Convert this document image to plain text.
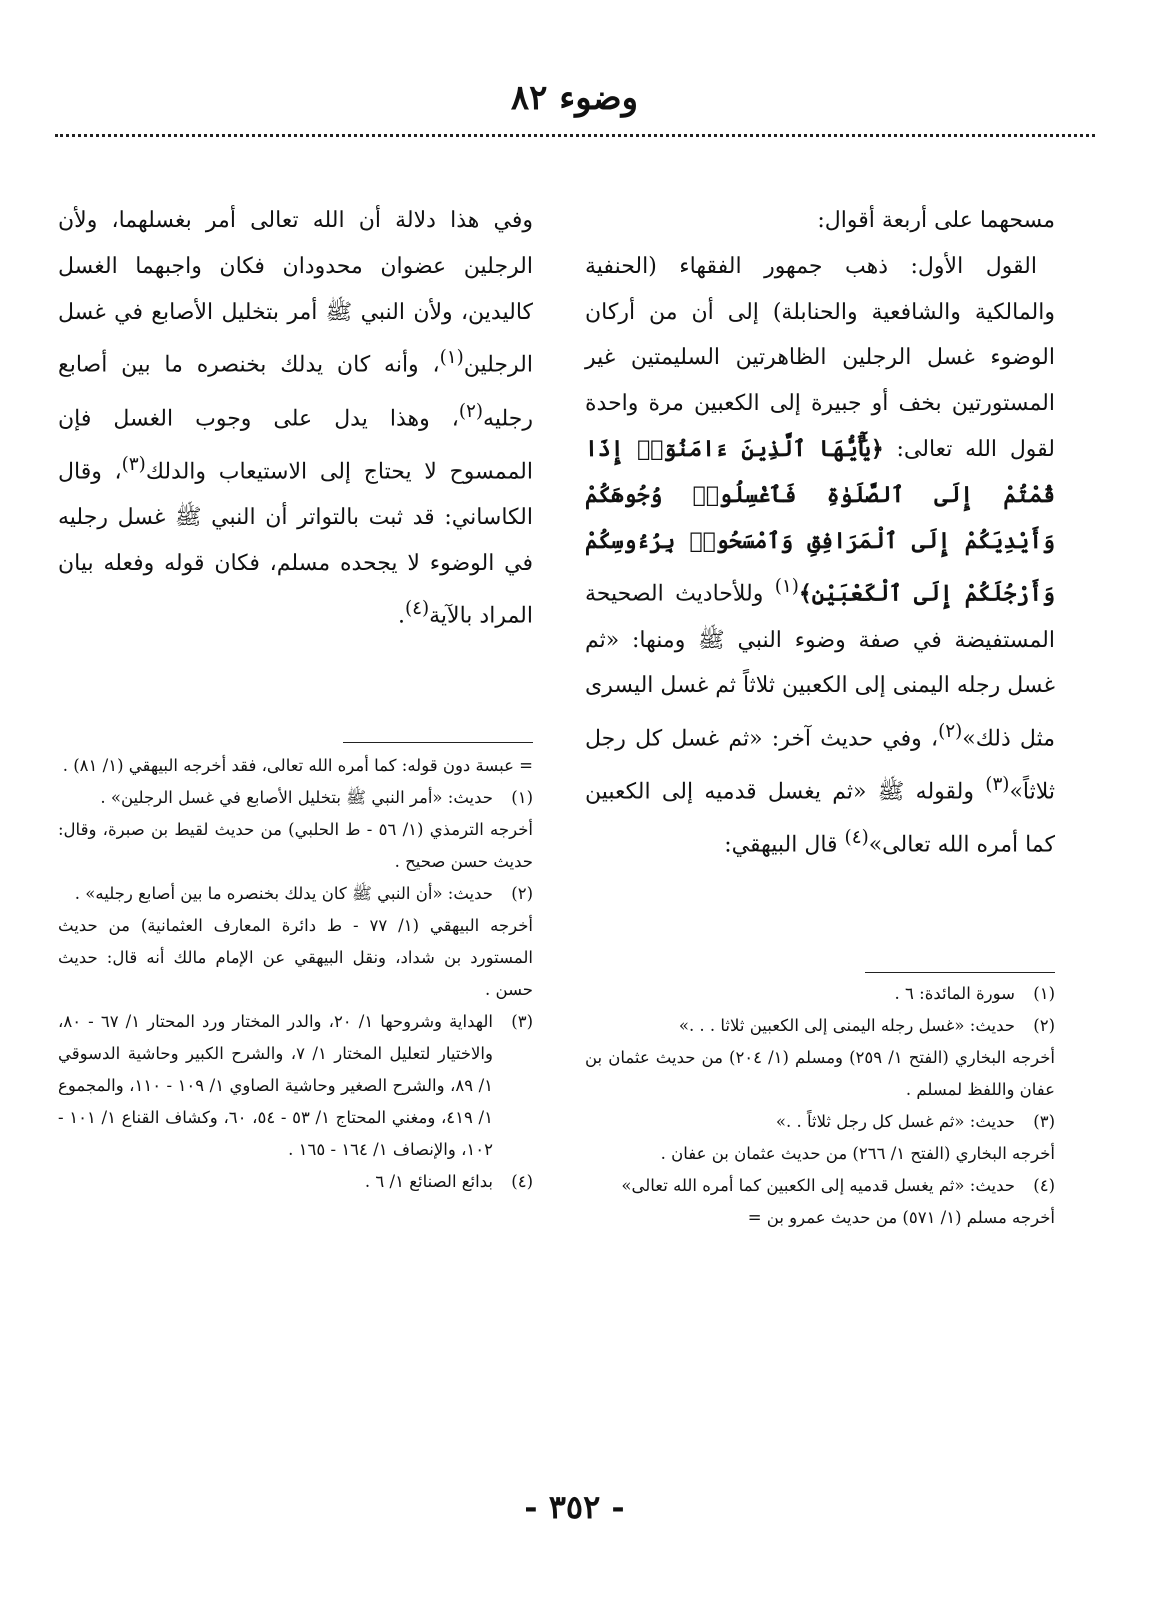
وضوء ٨٢

مسحهما على أربعة أقوال:

القول الأول: ذهب جمهور الفقهاء (الحنفية والمالكية والشافعية والحنابلة) إلى أن من أركان الوضوء غسل الرجلين الظاهرتين السليمتين غير المستورتين بخف أو جبيرة إلى الكعبين مرة واحدة لقول الله تعالى: ﴿يَٰٓأَيُّهَا ٱلَّذِينَ ءَامَنُوٓا۟ إِذَا قُمْتُمْ إِلَى ٱلصَّلَوٰةِ فَٱغْسِلُوا۟ وُجُوهَكُمْ وَأَيْدِيَكُمْ إِلَى ٱلْمَرَافِقِ وَٱمْسَحُوا۟ بِرُءُوسِكُمْ وَأَرْجُلَكُمْ إِلَى ٱلْكَعْبَيْنِ﴾$^{(١)}$ وللأحاديث الصحيحة المستفيضة في صفة وضوء النبي ﷺ ومنها: «ثم غسل رجله اليمنى إلى الكعبين ثلاثاً ثم غسل اليسرى مثل ذلك»$^{(٢)}$، وفي حديث آخر: «ثم غسل كل رجل ثلاثاً»$^{(٣)}$ ولقوله ﷺ «ثم يغسل قدميه إلى الكعبين كما أمره الله تعالى»$^{(٤)}$ قال البيهقي:

وفي هذا دلالة أن الله تعالى أمر بغسلهما، ولأن الرجلين عضوان محدودان فكان واجبهما الغسل كاليدين، ولأن النبي ﷺ أمر بتخليل الأصابع في غسل الرجلين$^{(١)}$، وأنه كان يدلك بخنصره ما بين أصابع رجليه$^{(٢)}$، وهذا يدل على وجوب الغسل فإن الممسوح لا يحتاج إلى الاستيعاب والدلك$^{(٣)}$، وقال الكاساني: قد ثبت بالتواتر أن النبي ﷺ غسل رجليه في الوضوء لا يجحده مسلم، فكان قوله وفعله بيان المراد بالآية$^{(٤)}$.

(١)
سورة المائدة: ٦ .
(٢)
حديث: «غسل رجله اليمنى إلى الكعبين ثلاثا . . .»
أخرجه البخاري (الفتح ١/ ٢٥٩) ومسلم (١/ ٢٠٤) من حديث عثمان بن عفان واللفظ لمسلم .
(٣)
حديث: «ثم غسل كل رجل ثلاثاً . .»
أخرجه البخاري (الفتح ١/ ٢٦٦) من حديث عثمان بن عفان .
(٤)
حديث: «ثم يغسل قدميه إلى الكعبين كما أمره الله تعالى»
أخرجه مسلم (١/ ٥٧١) من حديث عمرو بن =
= عبسة دون قوله: كما أمره الله تعالى، فقد أخرجه البيهقي (١/ ٨١) .
(١)
حديث: «أمر النبي ﷺ بتخليل الأصابع في غسل الرجلين» .
أخرجه الترمذي (١/ ٥٦ - ط الحلبي) من حديث لقيط بن صبرة، وقال: حديث حسن صحيح .
(٢)
حديث: «أن النبي ﷺ كان يدلك بخنصره ما بين أصابع رجليه» .
أخرجه البيهقي (١/ ٧٧ - ط دائرة المعارف العثمانية) من حديث المستورد بن شداد، ونقل البيهقي عن الإمام مالك أنه قال: حديث حسن .
(٣)
الهداية وشروحها ١/ ٢٠، والدر المختار ورد المحتار ١/ ٦٧ - ٨٠، والاختيار لتعليل المختار ١/ ٧، والشرح الكبير وحاشية الدسوقي ١/ ٨٩، والشرح الصغير وحاشية الصاوي ١/ ١٠٩ - ١١٠، والمجموع ١/ ٤١٩، ومغني المحتاج ١/ ٥٣ - ٥٤، ٦٠، وكشاف القناع ١/ ١٠١ - ١٠٢، والإنصاف ١/ ١٦٤ - ١٦٥ .
(٤)
بدائع الصنائع ١/ ٦ .
- ٣٥٢ -
